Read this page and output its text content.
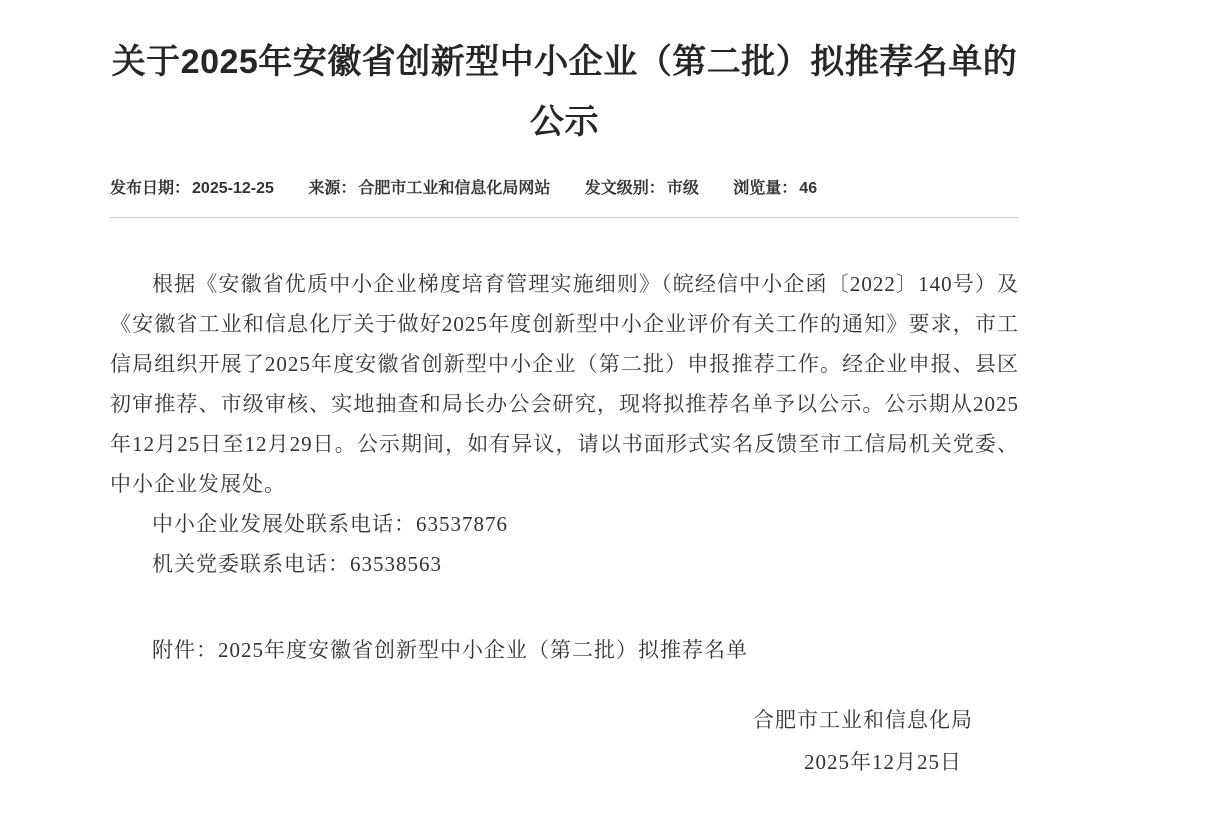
关于2025年安徽省创新型中小企业（第二批）拟推荐名单的
公示
发布日期： 2025-12-25 来源： 合肥市工业和信息化局网站 发文级别： 市级 浏览量： 46

根据《安徽省优质中小企业梯度培育管理实施细则》（皖经信中小企函〔2022〕140号）及《安徽省工业和信息化厅关于做好2025年度创新型中小企业评价有关工作的通知》要求，市工信局组织开展了2025年度安徽省创新型中小企业（第二批）申报推荐工作。经企业申报、县区初审推荐、市级审核、实地抽查和局长办公会研究，现将拟推荐名单予以公示。公示期从2025年12月25日至12月29日。公示期间，如有异议，请以书面形式实名反馈至市工信局机关党委、中小企业发展处。

中小企业发展处联系电话：63537876

机关党委联系电话：63538563

附件：2025年度安徽省创新型中小企业（第二批）拟推荐名单

合肥市工业和信息化局

2025年12月25日
